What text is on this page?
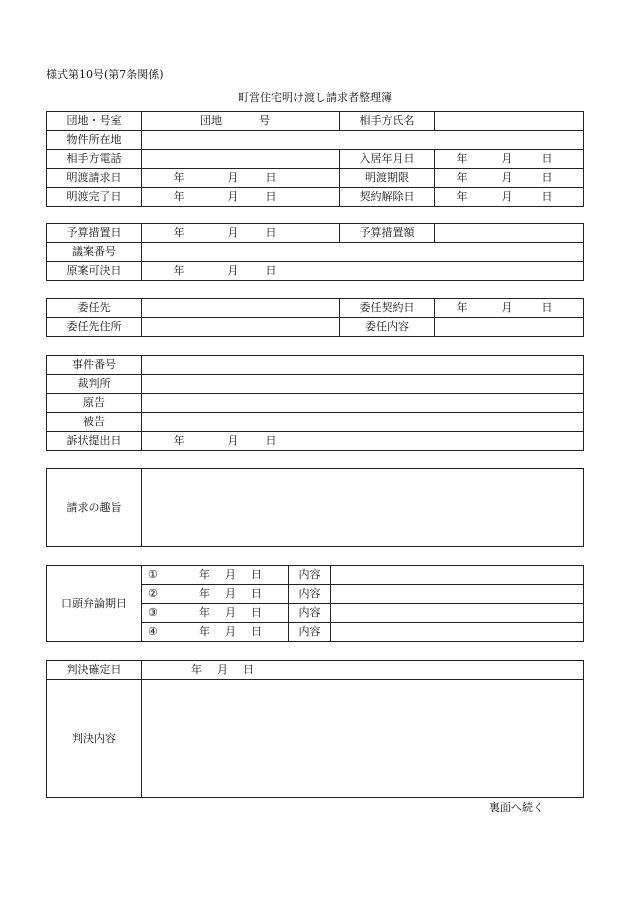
様式第10号(第7条関係)
町営住宅明け渡し請求者整理簿
団地・号室	団地 号	相手方氏名	
物件所在地			
相手方電話		入居年月日	年 月 日
明渡請求日	年 月 日	明渡期限	年 月 日
明渡完了日	年 月 日	契約解除日	年 月 日
予算措置日	年 月 日	予算措置額	
議案番号			
原案可決日	年 月 日		
委任先		委任契約日	年 月 日
委任先住所		委任内容	
事件番号	
裁判所	
原告	
被告	
訴状提出日	年 月 日
請求の趣旨	
口頭弁論期日	① 年 月 日	内容	
	② 年 月 日	内容	
	③ 年 月 日	内容	
	④ 年 月 日	内容	
判決確定日	年 月 日
判決内容	
裏面へ続く
